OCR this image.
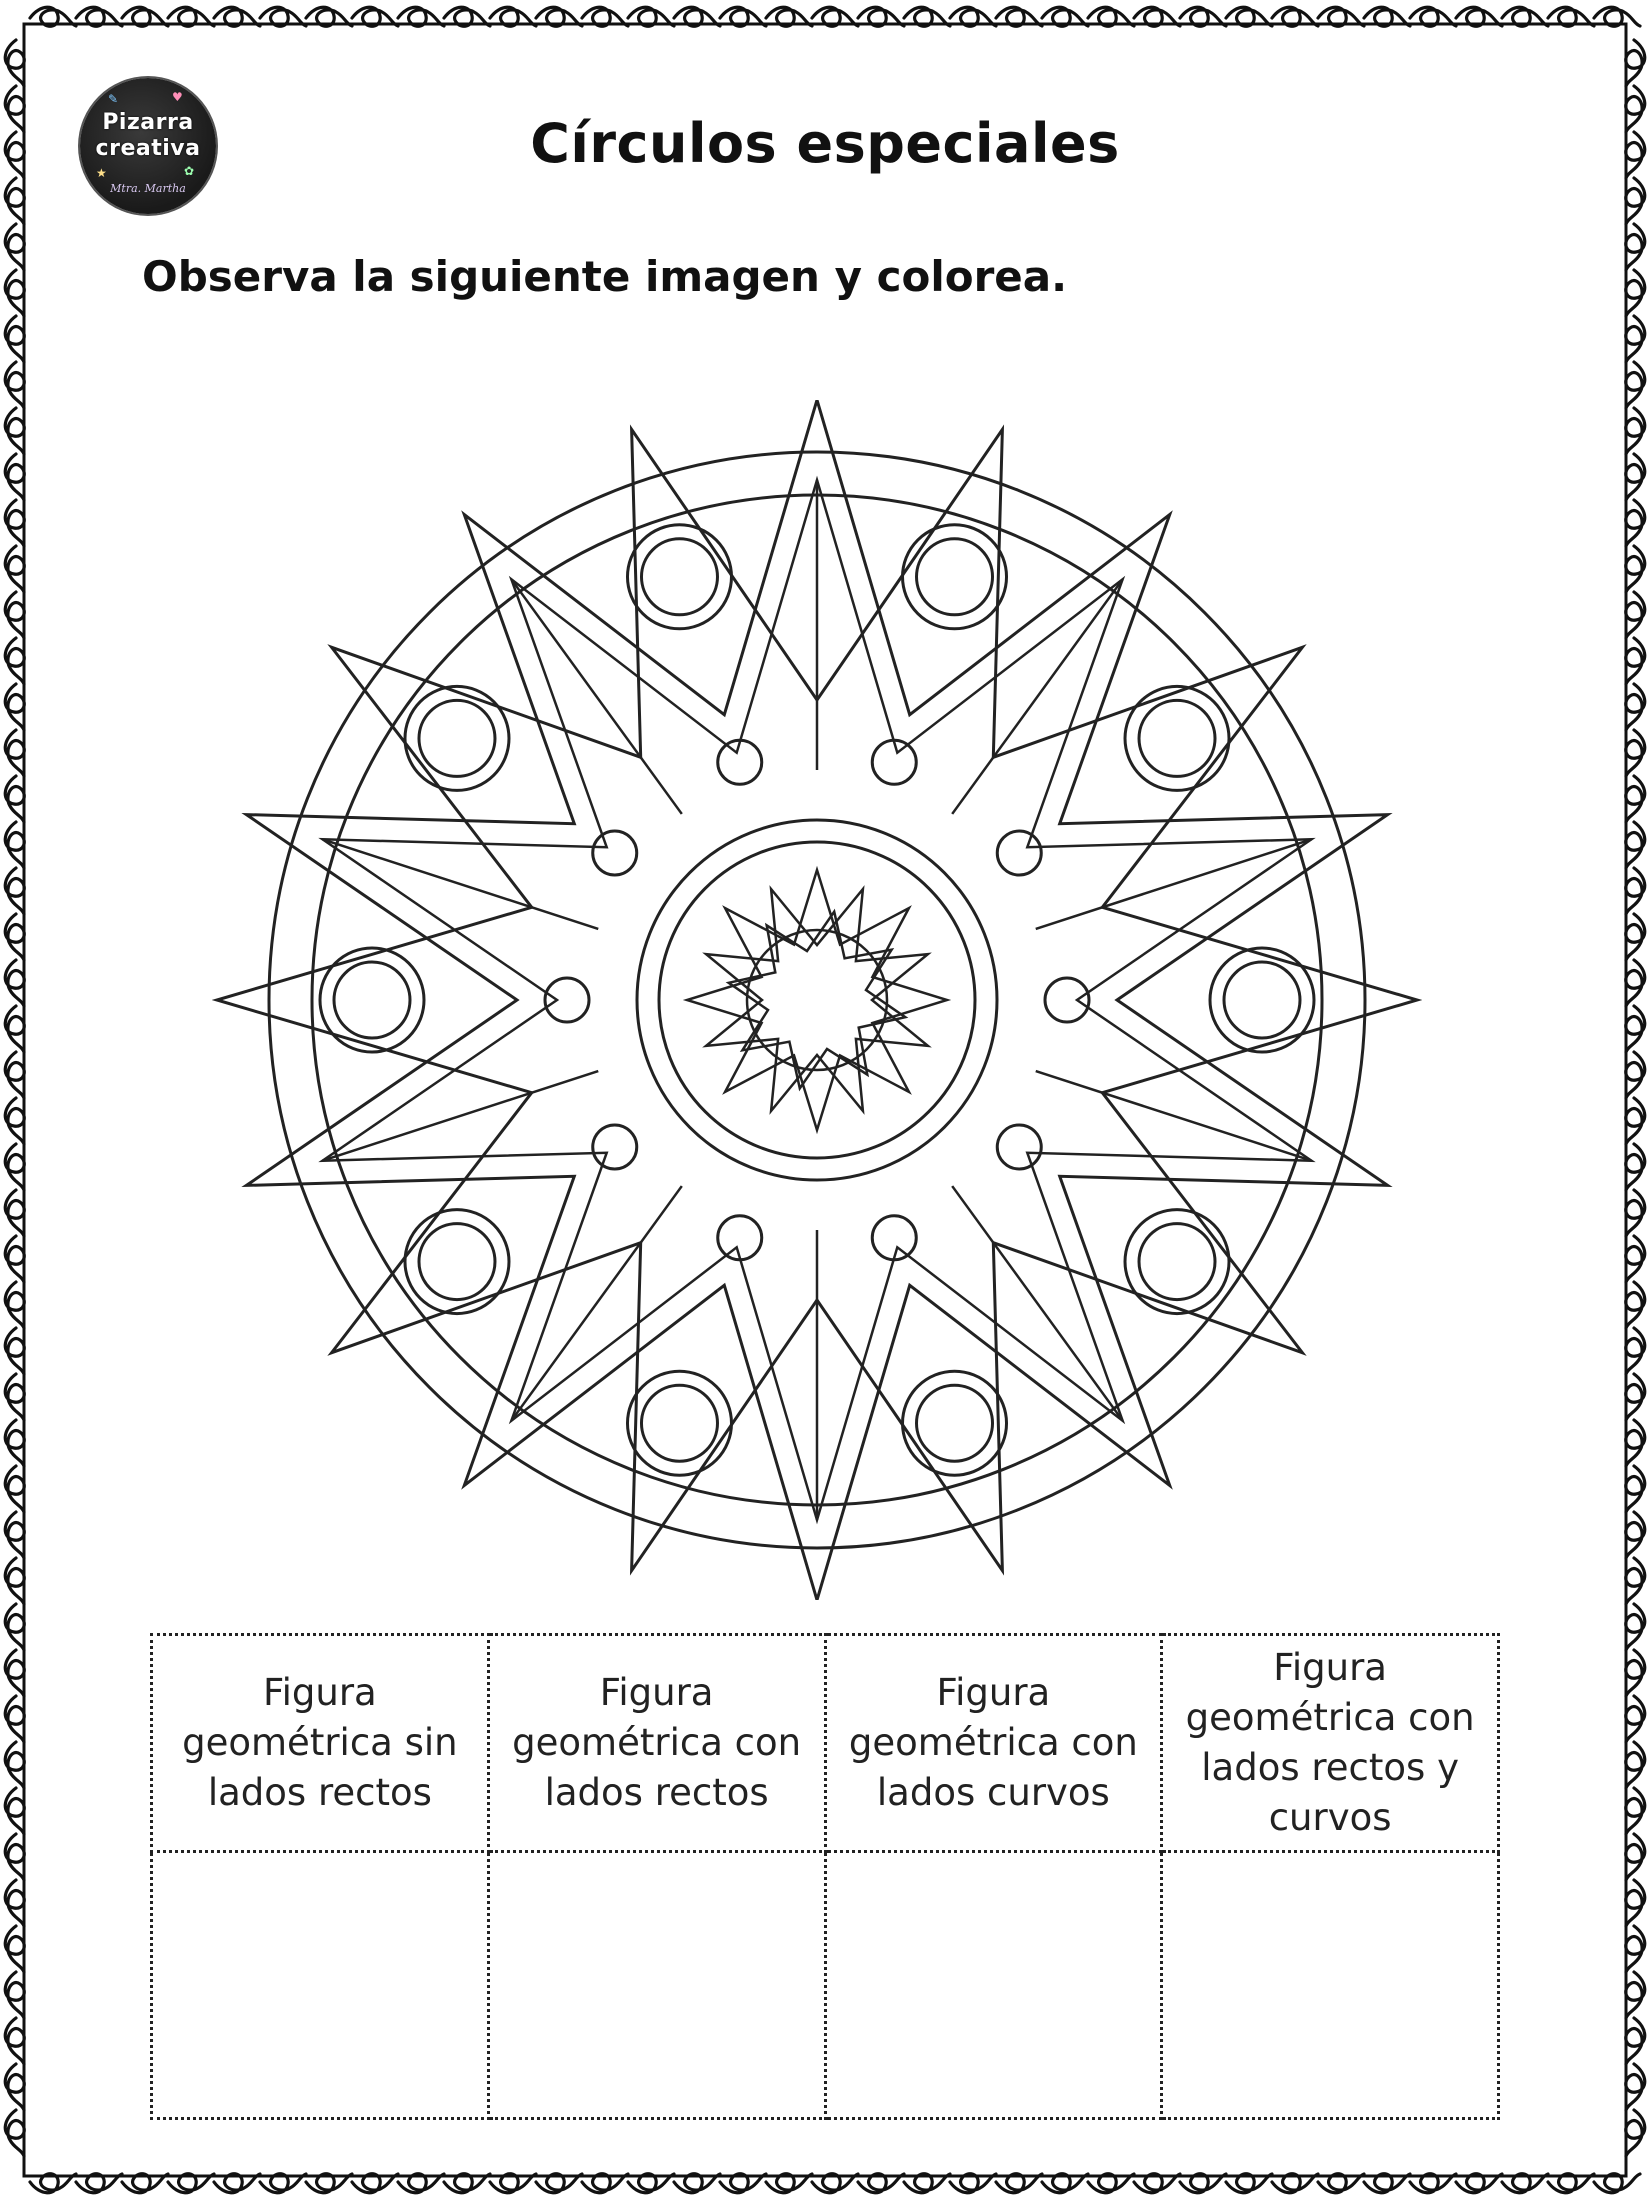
✎	♥
★	✿
Pizarra
creativa
Mtra. Martha
Círculos especiales
Observa la siguiente imagen y colorea.
Figura geométrica sin lados rectos	Figura geométrica con lados rectos	Figura geométrica con lados curvos	Figura geométrica con lados rectos y curvos
